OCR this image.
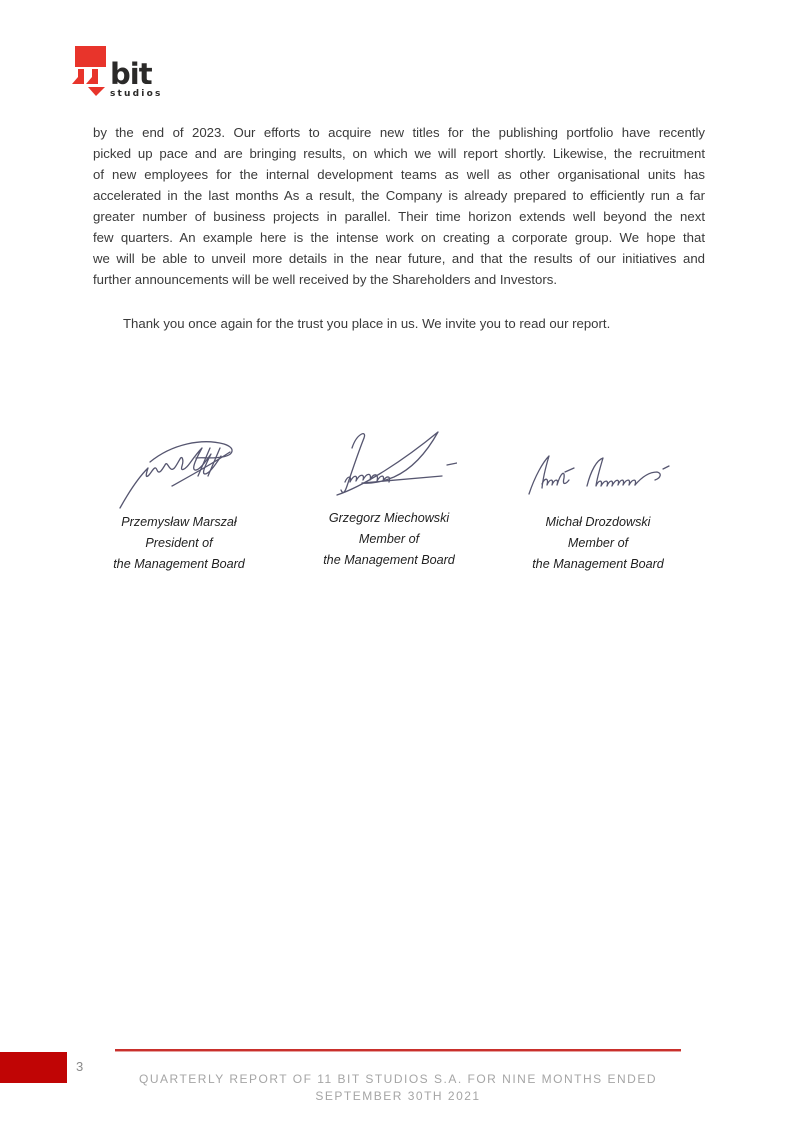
bit
studios
by the end of 2023. Our efforts to acquire new titles for the publishing portfolio have recently
picked up pace and are bringing results, on which we will report shortly. Likewise, the recruitment
of new employees for the internal development teams as well as other organisational units has
accelerated in the last months As a result, the Company is already prepared to efficiently run a far
greater number of business projects in parallel. Their time horizon extends well beyond the next
few quarters. An example here is the intense work on creating a corporate group. We hope that
we will be able to unveil more details in the near future, and that the results of our initiatives and
further announcements will be well received by the Shareholders and Investors.
Thank you once again for the trust you place in us. We invite you to read our report.
Przemysław Marszał
President of
the Management Board
Grzegorz Miechowski
Member of
the Management Board
Michał Drozdowski
Member of
the Management Board
3
QUARTERLY REPORT OF 11 BIT STUDIOS S.A. FOR NINE MONTHS ENDED
SEPTEMBER 30TH 2021
